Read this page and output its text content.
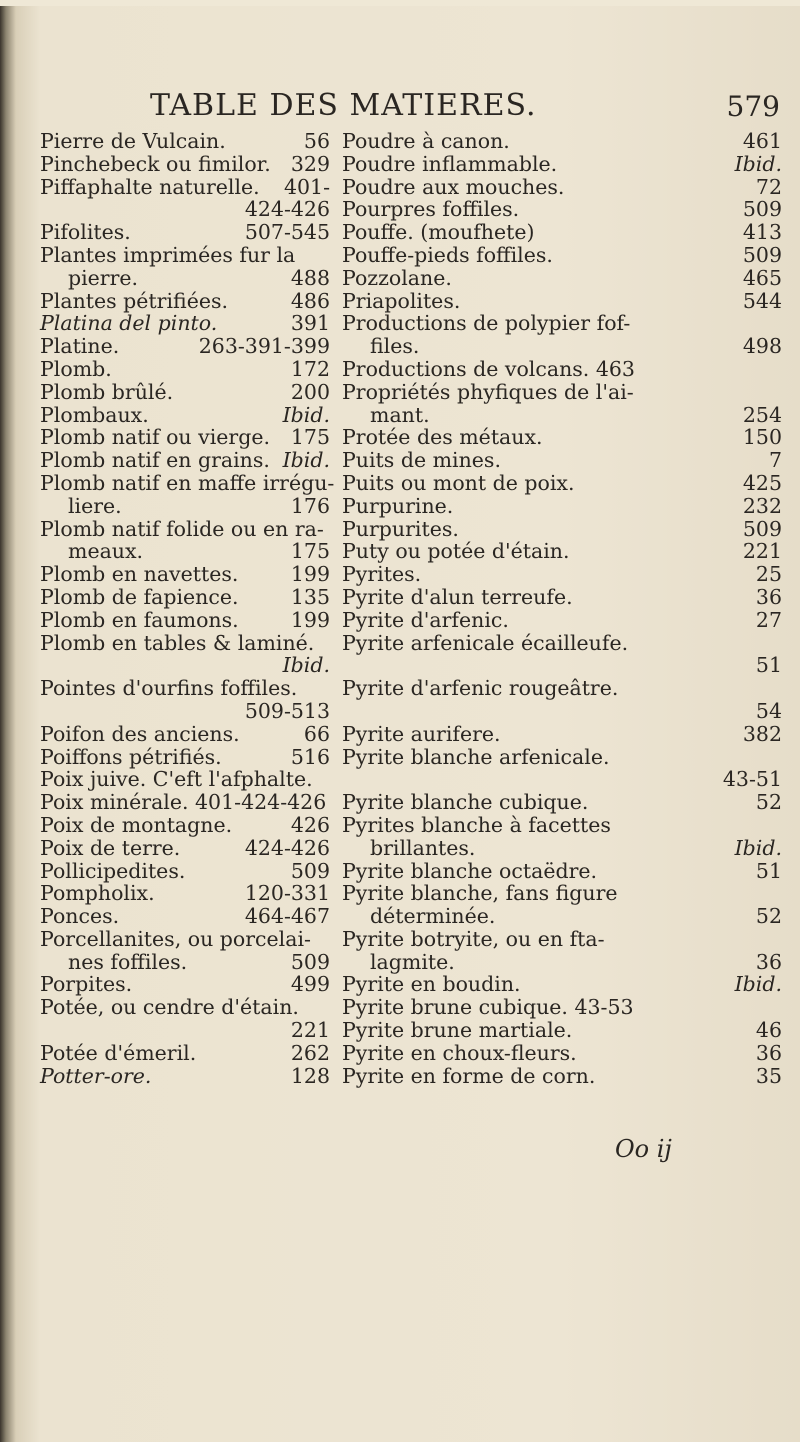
TABLE DES MATIERES.	579
Pierre de Vulcain.	56
Pinchebeck ou fimilor. 329
Piffaphalte naturelle. 401-
424-426
Pifolites.	507-545
Plantes imprimées fur la
pierre.	488
Plantes pétrifiées.	486
Platina del pinto.	391
Platine.	263-391-399
Plomb.	172
Plomb brûlé.	200
Plombaux.	Ibid.
Plomb natif ou vierge. 175
Plomb natif en grains. Ibid.
Plomb natif en maffe irrégu-
liere.	176
Plomb natif folide ou en ra-
meaux.	175
Plomb en navettes.	199
Plomb de fapience.	135
Plomb en faumons.	199
Plomb en tables & laminé.
Ibid.
Pointes d'ourfins foffiles.
509-513
Poifon des anciens.	66
Poiffons pétrifiés.	516
Poix juive. C'eft l'afphalte.
Poix minérale. 401-424-426
Poix de montagne.	426
Poix de terre.	424-426
Pollicipedites.	509
Pompholix.	120-331
Ponces.	464-467
Porcellanites, ou porcelai-
nes foffiles.	509
Porpites.	499
Potée, ou cendre d'étain.
221
Potée d'émeril.	262
Potter-ore.	128
Poudre à canon.	461
Poudre inflammable.	Ibid.
Poudre aux mouches.	72
Pourpres foffiles.	509
Pouffe. (moufhete)	413
Pouffe-pieds foffiles.	509
Pozzolane.	465
Priapolites.	544
Productions de polypier fof-
files.	498
Productions de volcans. 463
Propriétés phyfiques de l'ai-
mant.	254
Protée des métaux.	150
Puits de mines.	7
Puits ou mont de poix.	425
Purpurine.	232
Purpurites.	509
Puty ou potée d'étain.	221
Pyrites.	25
Pyrite d'alun terreufe.	36
Pyrite d'arfenic.	27
Pyrite arfenicale écailleufe.
51
Pyrite d'arfenic rougeâtre.
54
Pyrite aurifere.	382
Pyrite blanche arfenicale.
43-51
Pyrite blanche cubique.	52
Pyrites blanche à facettes
brillantes.	Ibid.
Pyrite blanche octaëdre.	51
Pyrite blanche, fans figure
déterminée.	52
Pyrite botryite, ou en fta-
lagmite.	36
Pyrite en boudin.	Ibid.
Pyrite brune cubique. 43-53
Pyrite brune martiale.	46
Pyrite en choux-fleurs.	36
Pyrite en forme de corn.	35
Oo ij
